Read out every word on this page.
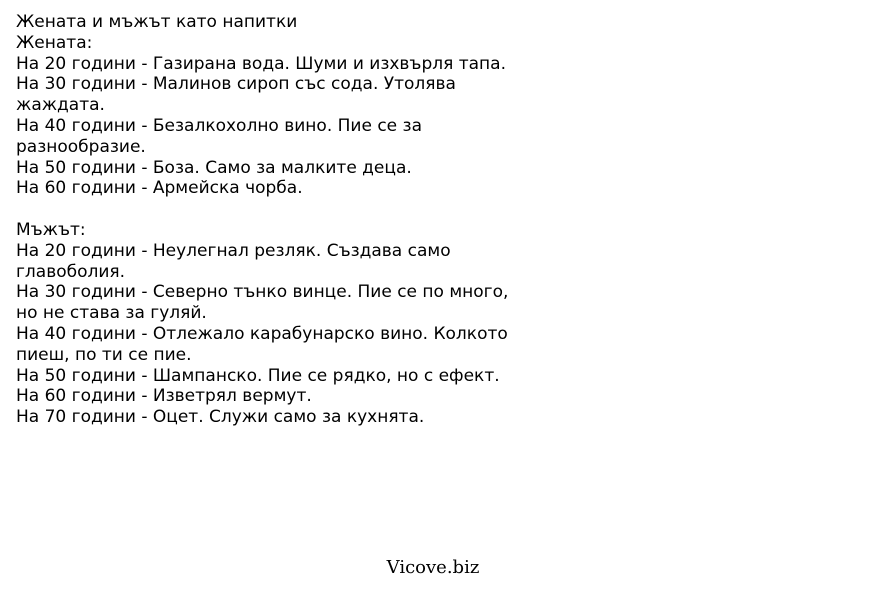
Жената и мъжът като напитки
Жената:
На 20 години - Газирана вода. Шуми и изхвърля тапа.
На 30 години - Малинов сироп със сода. Утолява
жаждата.
На 40 години - Безалкохолно вино. Пие се за
разнообразие.
На 50 години - Боза. Само за малките деца.
На 60 години - Армейска чорба.
Мъжът:
На 20 години - Неулегнал резляк. Създава само
главоболия.
На 30 години - Северно тънко винце. Пие се по много,
но не става за гуляй.
На 40 години - Отлежало карабунарско вино. Колкото
пиеш, по ти се пие.
На 50 години - Шампанско. Пие се рядко, но с ефект.
На 60 години - Изветрял вермут.
На 70 години - Оцет. Служи само за кухнята.
Vicove.biz
